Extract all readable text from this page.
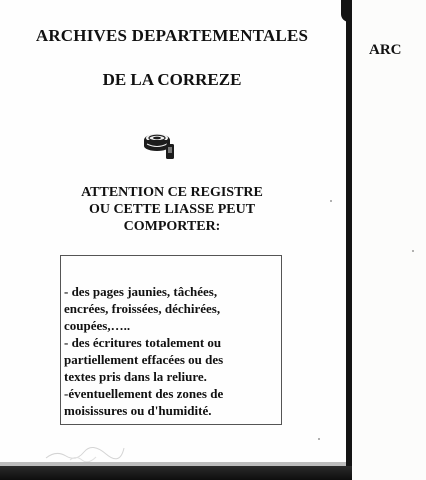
ARCHIVES DEPARTEMENTALES
DE LA CORREZE
ARC
ATTENTION CE REGISTRE
OU CETTE LIASSE PEUT
COMPORTER:
- des pages jaunies, tâchées,
encrées, froissées, déchirées,
coupées,…..
- des écritures totalement ou
partiellement effacées ou des
textes pris dans la reliure.
-éventuellement des zones de
moisissures ou d'humidité.
